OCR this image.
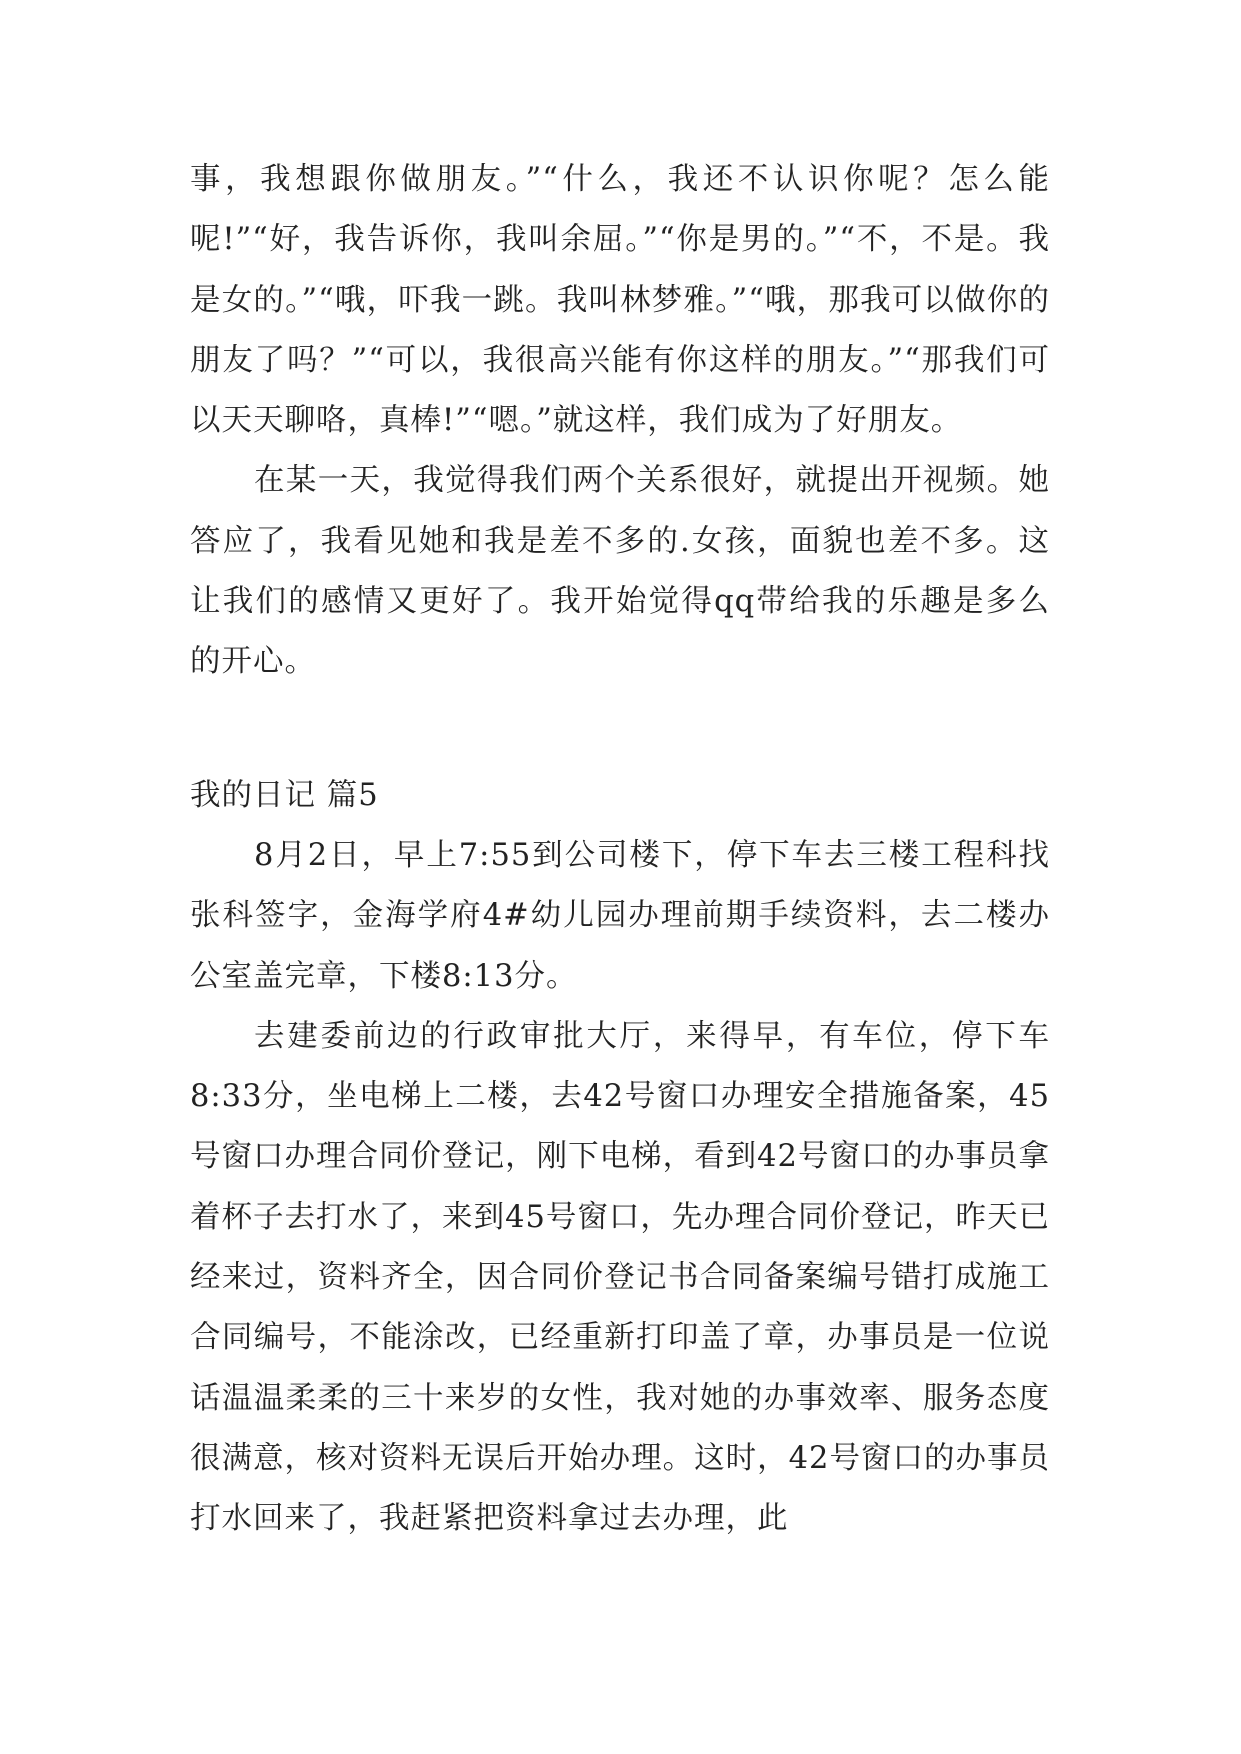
事，我想跟你做朋友。”“什么，我还不认识你呢？怎么能呢!”“好，我告诉你，我叫余屈。”“你是男的。”“不，不是。我是女的。”“哦，吓我一跳。我叫林梦雅。”“哦，那我可以做你的朋友了吗？”“可以，我很高兴能有你这样的朋友。”“那我们可以天天聊咯，真棒!”“嗯。”就这样，我们成为了好朋友。

在某一天，我觉得我们两个关系很好，就提出开视频。她答应了，我看见她和我是差不多的.女孩，面貌也差不多。这让我们的感情又更好了。我开始觉得qq带给我的乐趣是多么的开心。

我的日记 篇5

8月2日，早上7:55到公司楼下，停下车去三楼工程科找张科签字，金海学府4#幼儿园办理前期手续资料，去二楼办公室盖完章，下楼8:13分。

去建委前边的行政审批大厅，来得早，有车位，停下车8:33分，坐电梯上二楼，去42号窗口办理安全措施备案，45号窗口办理合同价登记，刚下电梯，看到42号窗口的办事员拿着杯子去打水了，来到45号窗口，先办理合同价登记，昨天已经来过，资料齐全，因合同价登记书合同备案编号错打成施工合同编号，不能涂改，已经重新打印盖了章，办事员是一位说话温温柔柔的三十来岁的女性，我对她的办事效率、服务态度很满意，核对资料无误后开始办理。这时，42号窗口的办事员打水回来了，我赶紧把资料拿过去办理，此
